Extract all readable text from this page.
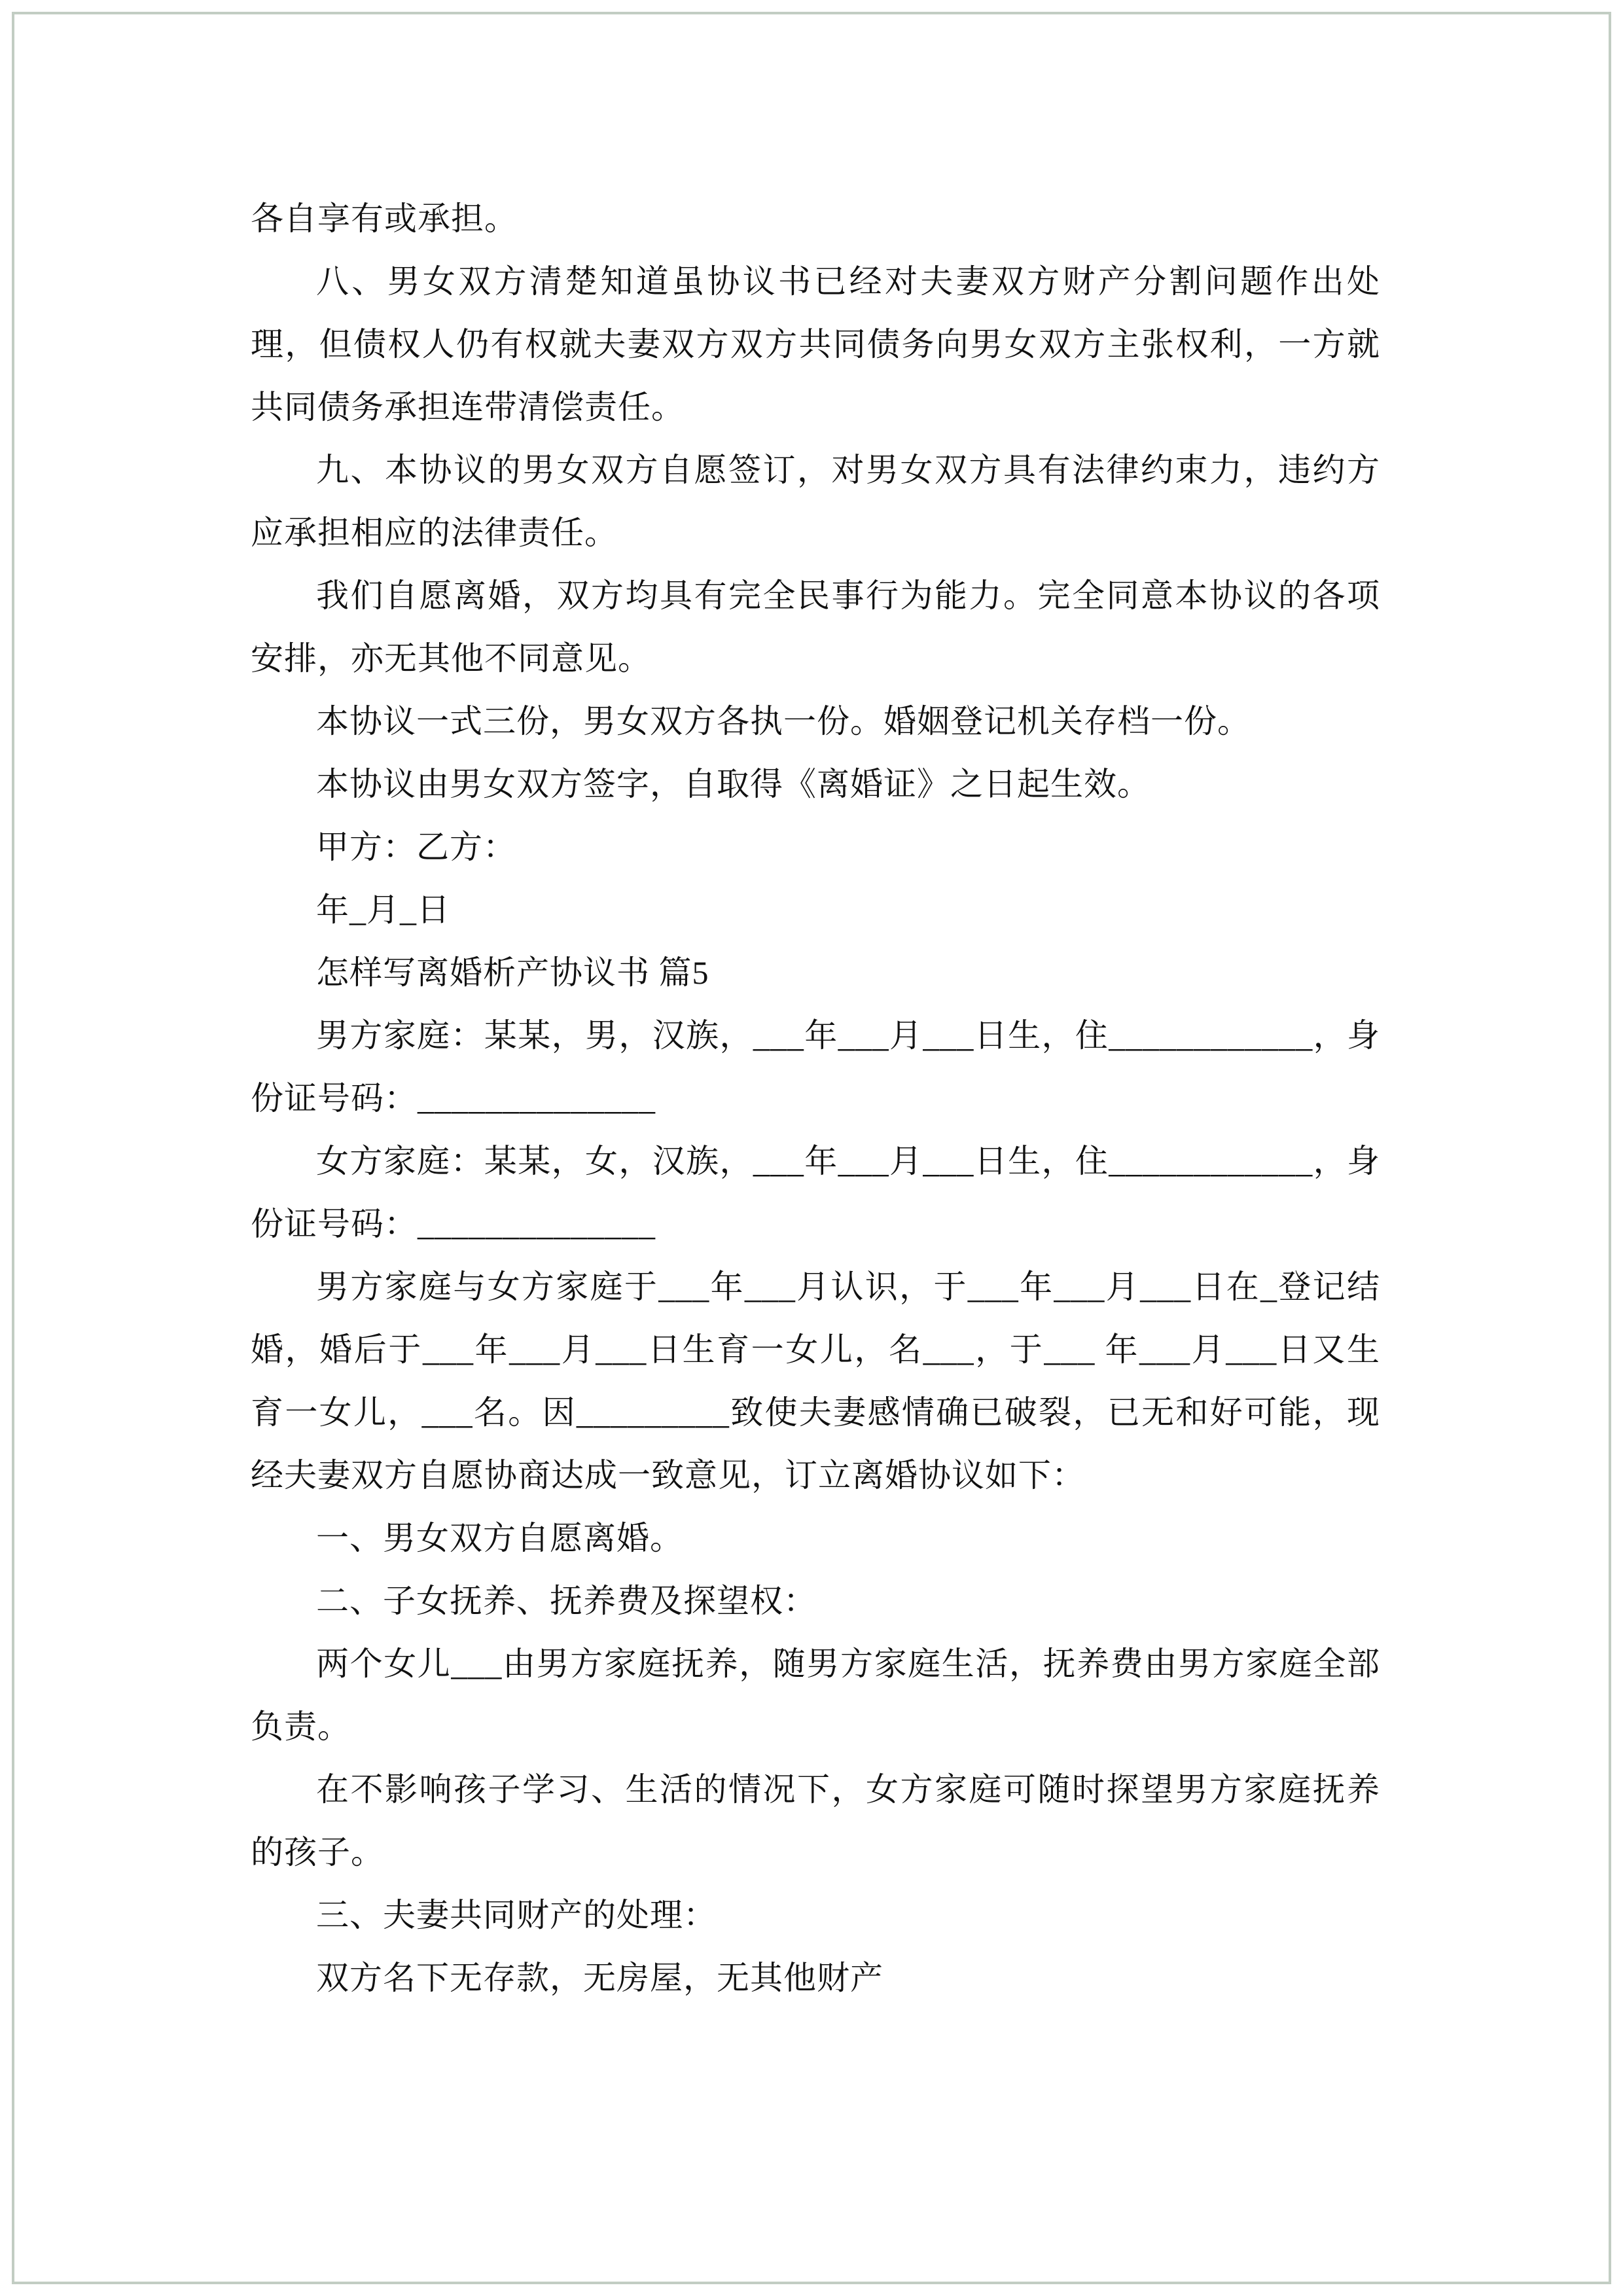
各自享有或承担。

八、男女双方清楚知道虽协议书已经对夫妻双方财产分割问题作出处理，但债权人仍有权就夫妻双方双方共同债务向男女双方主张权利，一方就共同债务承担连带清偿责任。

九、本协议的男女双方自愿签订，对男女双方具有法律约束力，违约方应承担相应的法律责任。

我们自愿离婚，双方均具有完全民事行为能力。完全同意本协议的各项安排，亦无其他不同意见。

本协议一式三份，男女双方各执一份。婚姻登记机关存档一份。

本协议由男女双方签字，自取得《离婚证》之日起生效。

甲方：乙方：

年_月_日

怎样写离婚析产协议书 篇5

男方家庭：某某，男，汉族，___年___月___日生，住____________，身份证号码：______________

女方家庭：某某，女，汉族，___年___月___日生，住____________，身份证号码：______________

男方家庭与女方家庭于___年___月认识，于___年___月___日在_登记结婚，婚后于___年___月___日生育一女儿，名___，于___ 年___月___日又生育一女儿，___名。因_________致使夫妻感情确已破裂，已无和好可能，现经夫妻双方自愿协商达成一致意见，订立离婚协议如下：

一、男女双方自愿离婚。

二、子女抚养、抚养费及探望权：

两个女儿___由男方家庭抚养，随男方家庭生活，抚养费由男方家庭全部负责。

在不影响孩子学习、生活的情况下，女方家庭可随时探望男方家庭抚养的孩子。

三、夫妻共同财产的处理：

双方名下无存款，无房屋，无其他财产
